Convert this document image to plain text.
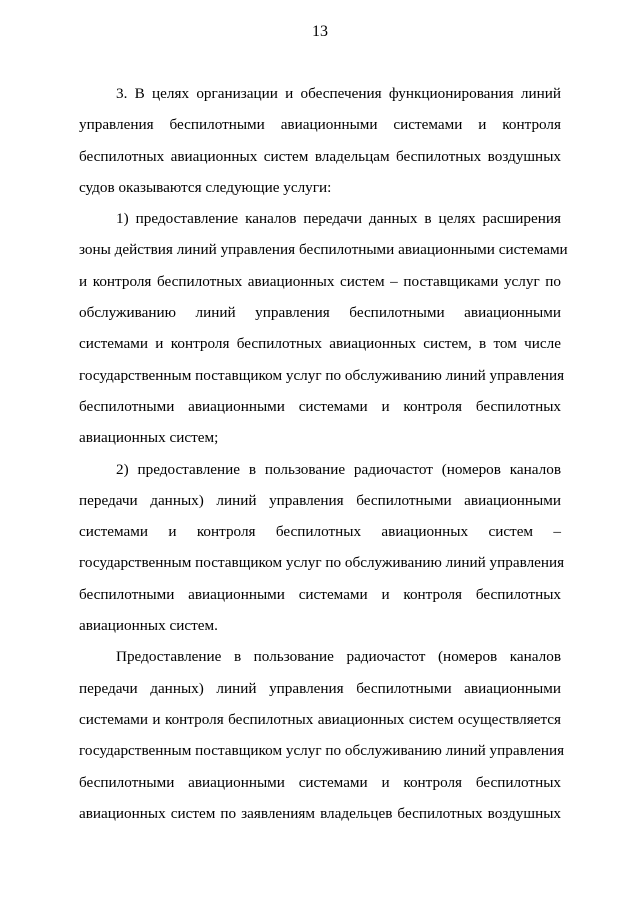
13

3. В целях организации и обеспечения функционирования линий
управления беспилотными авиационными системами и контроля
беспилотных авиационных систем владельцам беспилотных воздушных
судов оказываются следующие услуги:

1) предоставление каналов передачи данных в целях расширения
зоны действия линий управления беспилотными авиационными системами
и контроля беспилотных авиационных систем – поставщиками услуг по
обслуживанию линий управления беспилотными авиационными
системами и контроля беспилотных авиационных систем, в том числе
государственным поставщиком услуг по обслуживанию линий управления
беспилотными авиационными системами и контроля беспилотных
авиационных систем;

2) предоставление в пользование радиочастот (номеров каналов
передачи данных) линий управления беспилотными авиационными
системами и контроля беспилотных авиационных систем –
государственным поставщиком услуг по обслуживанию линий управления
беспилотными авиационными системами и контроля беспилотных
авиационных систем.

Предоставление в пользование радиочастот (номеров каналов
передачи данных) линий управления беспилотными авиационными
системами и контроля беспилотных авиационных систем осуществляется
государственным поставщиком услуг по обслуживанию линий управления
беспилотными авиационными системами и контроля беспилотных
авиационных систем по заявлениям владельцев беспилотных воздушных
